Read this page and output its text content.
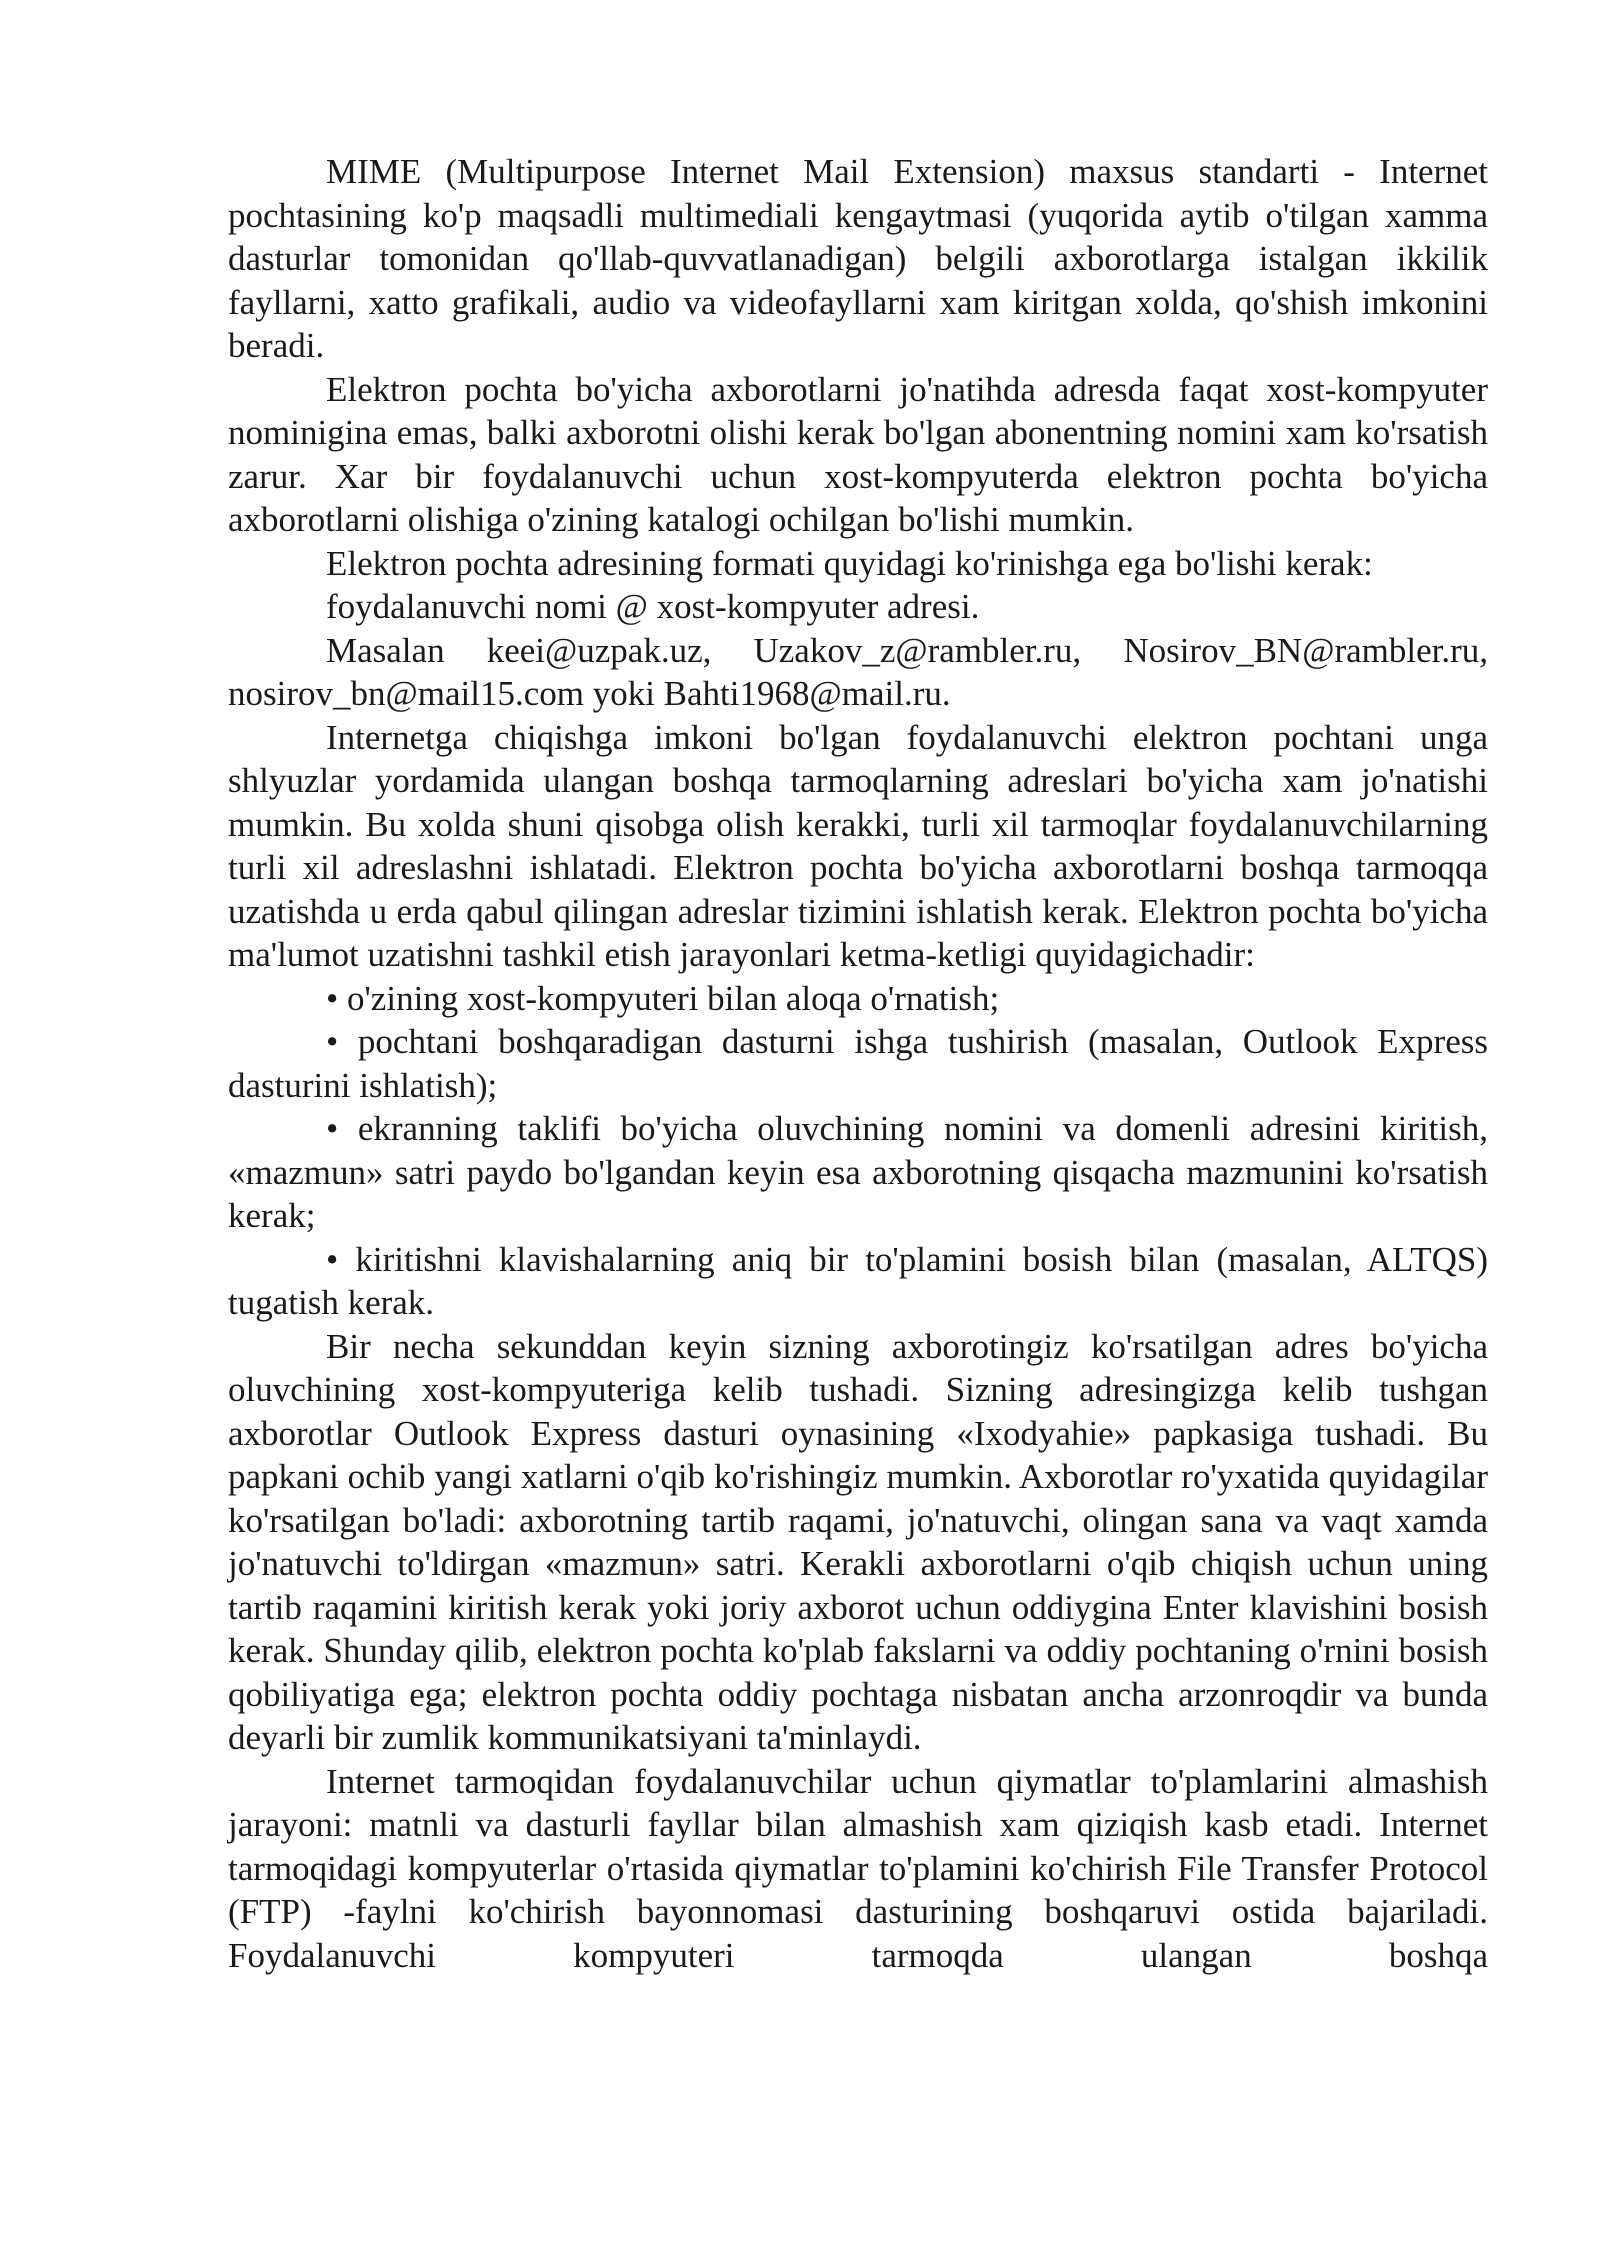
MIME (Multipurpose Internet Mail Extension) maxsus standarti - Internet pochtasining ko'p maqsadli multimediali kengaytmasi (yuqorida aytib o'tilgan xamma dasturlar tomonidan qo'llab-quvvatlanadigan) belgili axborotlarga istalgan ikkilik fayllarni, xatto grafikali, audio va videofayllarni xam kiritgan xolda, qo'shish imkonini beradi.

Elektron pochta bo'yicha axborotlarni jo'natihda adresda faqat xost-kompyuter nominigina emas, balki axborotni olishi kerak bo'lgan abonentning nomini xam ko'rsatish zarur. Xar bir foydalanuvchi uchun xost-kompyuterda elektron pochta bo'yicha axborotlarni olishiga o'zining katalogi ochilgan bo'lishi mumkin.

Elektron pochta adresining formati quyidagi ko'rinishga ega bo'lishi kerak:

foydalanuvchi nomi @ xost-kompyuter adresi.

Masalan keei@uzpak.uz, Uzakov_z@rambler.ru, Nosirov_BN@rambler.ru, nosirov_bn@mail15.com yoki Bahti1968@mail.ru.

Internetga chiqishga imkoni bo'lgan foydalanuvchi elektron pochtani unga shlyuzlar yordamida ulangan boshqa tarmoqlarning adreslari bo'yicha xam jo'natishi mumkin. Bu xolda shuni qisobga olish kerakki, turli xil tarmoqlar foydalanuvchilarning turli xil adreslashni ishlatadi. Elektron pochta bo'yicha axborotlarni boshqa tarmoqqa uzatishda u erda qabul qilingan adreslar tizimini ishlatish kerak. Elektron pochta bo'yicha ma'lumot uzatishni tashkil etish jarayonlari ketma-ketligi quyidagichadir:

• o'zining xost-kompyuteri bilan aloqa o'rnatish;

• pochtani boshqaradigan dasturni ishga tushirish (masalan, Outlook Express dasturini ishlatish);

• ekranning taklifi bo'yicha oluvchining nomini va domenli adresini kiritish, «mazmun» satri paydo bo'lgandan keyin esa axborotning qisqacha mazmunini ko'rsatish kerak;

• kiritishni klavishalarning aniq bir to'plamini bosish bilan (masalan, ALTQS) tugatish kerak.

Bir necha sekunddan keyin sizning axborotingiz ko'rsatilgan adres bo'yicha oluvchining xost-kompyuteriga kelib tushadi. Sizning adresingizga kelib tushgan axborotlar Outlook Express dasturi oynasining «Ixodyahie» papkasiga tushadi. Bu papkani ochib yangi xatlarni o'qib ko'rishingiz mumkin. Axborotlar ro'yxatida quyidagilar ko'rsatilgan bo'ladi: axborotning tartib raqami, jo'natuvchi, olingan sana va vaqt xamda jo'natuvchi to'ldirgan «mazmun» satri. Kerakli axborotlarni o'qib chiqish uchun uning tartib raqamini kiritish kerak yoki joriy axborot uchun oddiygina Enter klavishini bosish kerak. Shunday qilib, elektron pochta ko'plab fakslarni va oddiy pochtaning o'rnini bosish qobiliyatiga ega; elektron pochta oddiy pochtaga nisbatan ancha arzonroqdir va bunda deyarli bir zumlik kommunikatsiyani ta'minlaydi.

Internet tarmoqidan foydalanuvchilar uchun qiymatlar to'plamlarini almashish jarayoni: matnli va dasturli fayllar bilan almashish xam qiziqish kasb etadi. Internet tarmoqidagi kompyuterlar o'rtasida qiymatlar to'plamini ko'chirish File Transfer Protocol (FTP) -faylni ko'chirish bayonnomasi dasturining boshqaruvi ostida bajariladi. Foydalanuvchi kompyuteri tarmoqda ulangan boshqa
